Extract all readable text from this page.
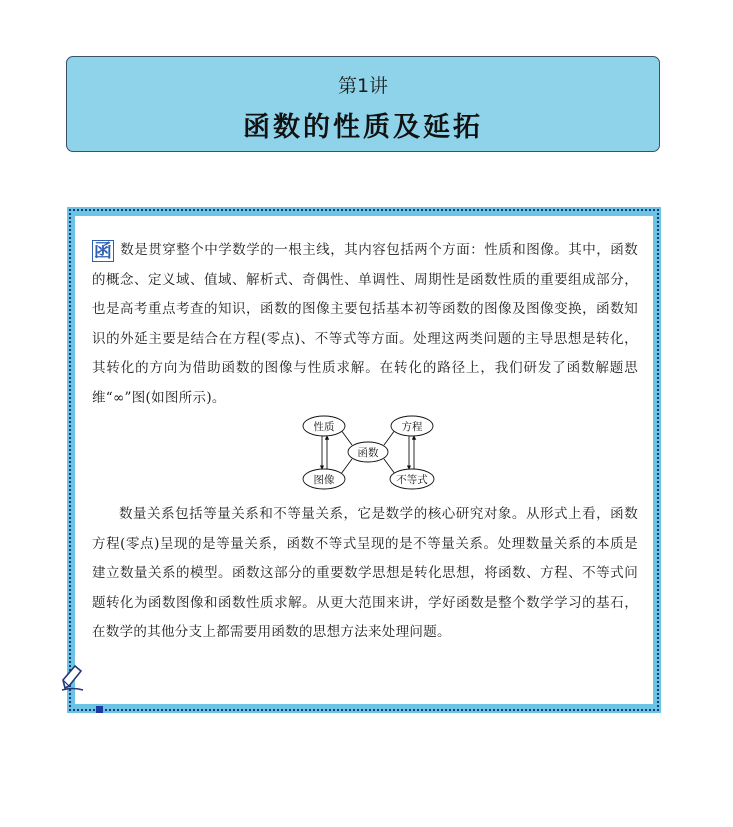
第1讲
函数的性质及延拓

函 数是贯穿整个中学数学的一根主线，其内容包括两个方面：性质和图像。其中，函数的概念、定义域、值域、解析式、奇偶性、单调性、周期性是函数性质的重要组成部分，也是高考重点考查的知识，函数的图像主要包括基本初等函数的图像及图像变换，函数知识的外延主要是结合在方程(零点)、不等式等方面。处理这两类问题的主导思想是转化，其转化的方向为借助函数的图像与性质求解。在转化的路径上，我们研发了函数解题思维“∞”图(如图所示)。

性质	方程
函数
图像	不等式

数量关系包括等量关系和不等量关系，它是数学的核心研究对象。从形式上看，函数方程(零点)呈现的是等量关系，函数不等式呈现的是不等量关系。处理数量关系的本质是建立数量关系的模型。函数这部分的重要数学思想是转化思想，将函数、方程、不等式问题转化为函数图像和函数性质求解。从更大范围来讲，学好函数是整个数学学习的基石，在数学的其他分支上都需要用函数的思想方法来处理问题。
